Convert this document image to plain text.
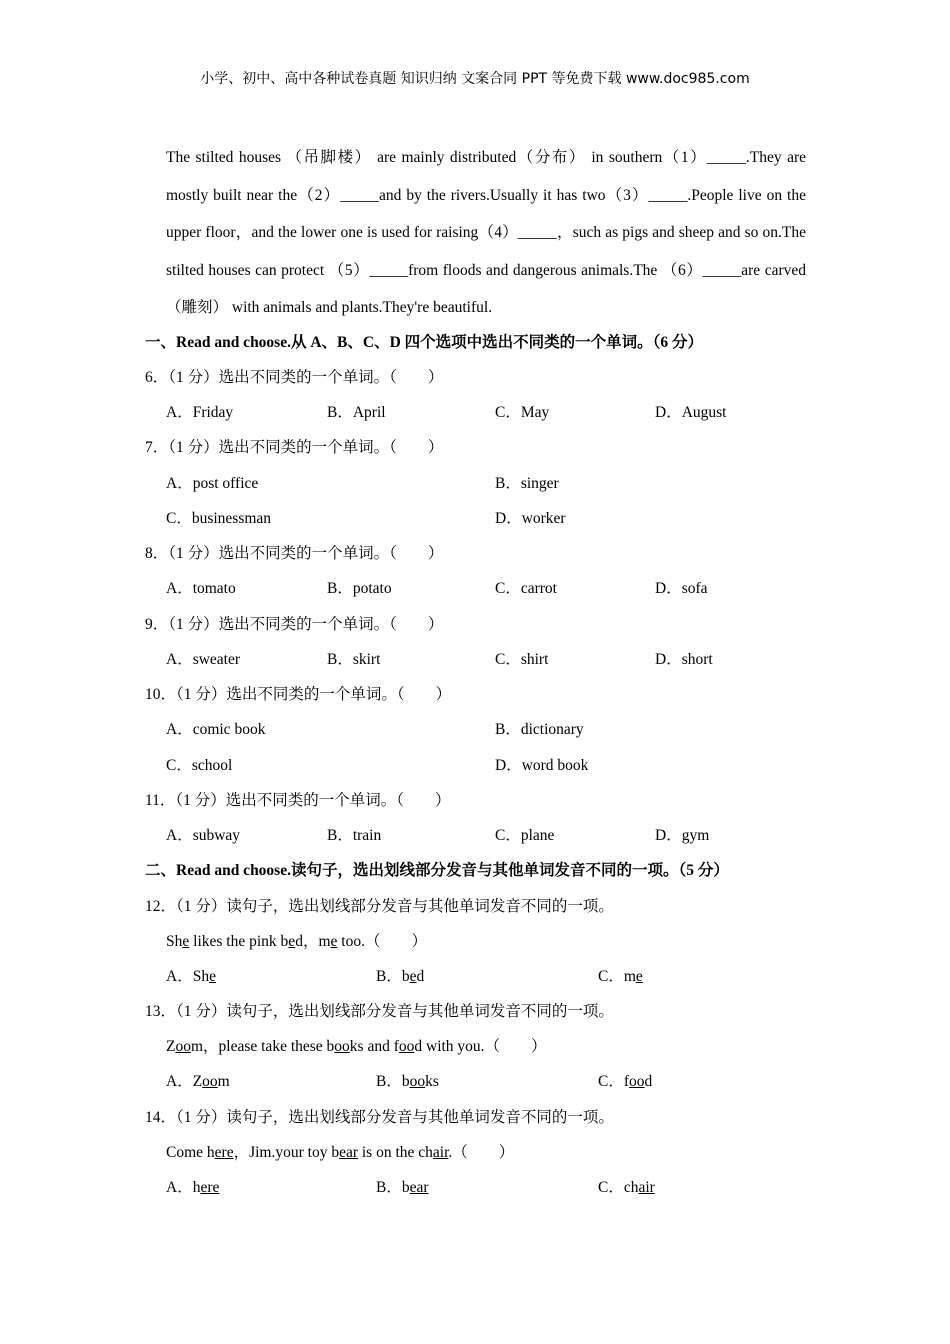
小学、初中、高中各种试卷真题 知识归纳 文案合同 PPT 等免费下载 www.doc985.com

The stilted houses （吊脚楼） are mainly distributed（分布） in southern（1）_____.They are mostly built near the（2）_____and by the rivers.Usually it has two（3）_____.People live on the upper floor，and the lower one is used for raising（4）_____，such as pigs and sheep and so on.The stilted houses can protect （5）_____from floods and dangerous animals.The （6）_____are carved （雕刻） with animals and plants.They're beautiful.

一、Read and choose.从 A、B、C、D 四个选项中选出不同类的一个单词。（6 分）
6．（1 分）选出不同类的一个单词。（　　）
A．Friday	B．April	C．May	D．August
7．（1 分）选出不同类的一个单词。（　　）
A．post office	B．singer
C．businessman	D．worker
8．（1 分）选出不同类的一个单词。（　　）
A．tomato	B．potato	C．carrot	D．sofa
9．（1 分）选出不同类的一个单词。（　　）
A．sweater	B．skirt	C．shirt	D．short
10．（1 分）选出不同类的一个单词。（　　）
A．comic book	B．dictionary
C．school	D．word book
11．（1 分）选出不同类的一个单词。（　　）
A．subway	B．train	C．plane	D．gym
二、Read and choose.读句子，选出划线部分发音与其他单词发音不同的一项。（5 分）
12．（1 分）读句子，选出划线部分发音与其他单词发音不同的一项。
She likes the pink bed，me too.（　　）
A．She	B．bed	C．me
13．（1 分）读句子，选出划线部分发音与其他单词发音不同的一项。
Zoom，please take these books and food with you.（　　）
A．Zoom	B．books	C．food
14．（1 分）读句子，选出划线部分发音与其他单词发音不同的一项。
Come here，Jim.your toy bear is on the chair.（　　）
A．here	B．bear	C．chair
